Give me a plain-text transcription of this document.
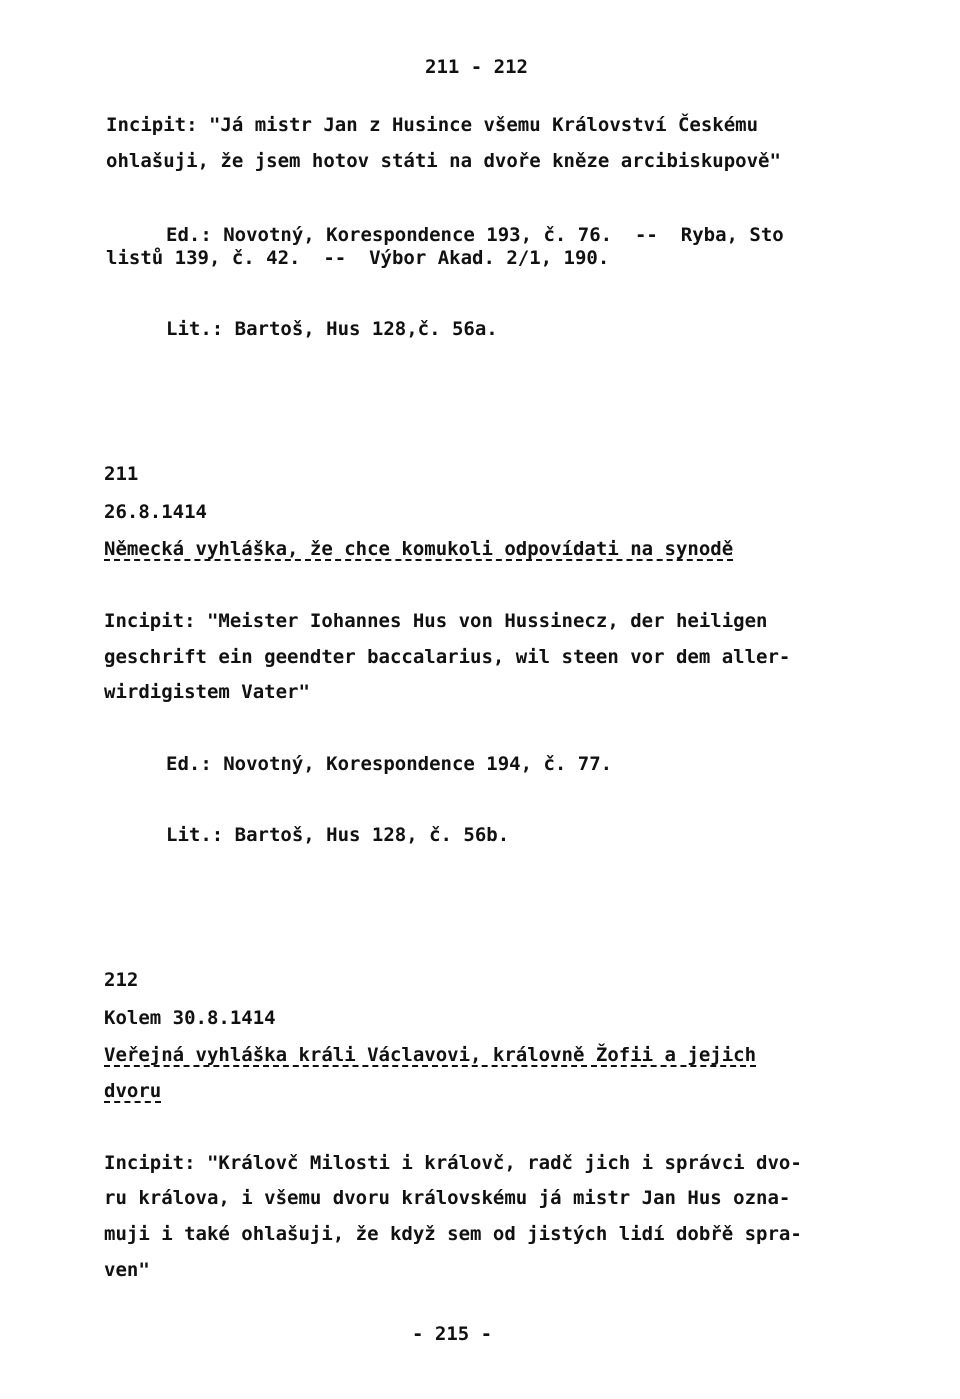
211 - 212
Incipit: "Já mistr Jan z Husince všemu Království Českému
ohlašuji, že jsem hotov státi na dvoře kněze arcibiskupově"
Ed.: Novotný, Korespondence 193, č. 76.  --  Ryba, Sto
listů 139, č. 42.  --  Výbor Akad. 2/1, 190.
Lit.: Bartoš, Hus 128,č. 56a.
211
26.8.1414
Německá vyhláška, že chce komukoli odpovídati na synodě
Incipit: "Meister Iohannes Hus von Hussinecz, der heiligen
geschrift ein geendter baccalarius, wil steen vor dem aller-
wirdigistem Vater"
Ed.: Novotný, Korespondence 194, č. 77.
Lit.: Bartoš, Hus 128, č. 56b.
212
Kolem 30.8.1414
Veřejná vyhláška králi Václavovi, královně Žofii a jejich
dvoru
Incipit: "Královč Milosti i královč, radč jich i správci dvo-
ru králova, i všemu dvoru královskému já mistr Jan Hus ozna-
muji i také ohlašuji, že když sem od jistých lidí dobřě spra-
ven"
- 215 -
